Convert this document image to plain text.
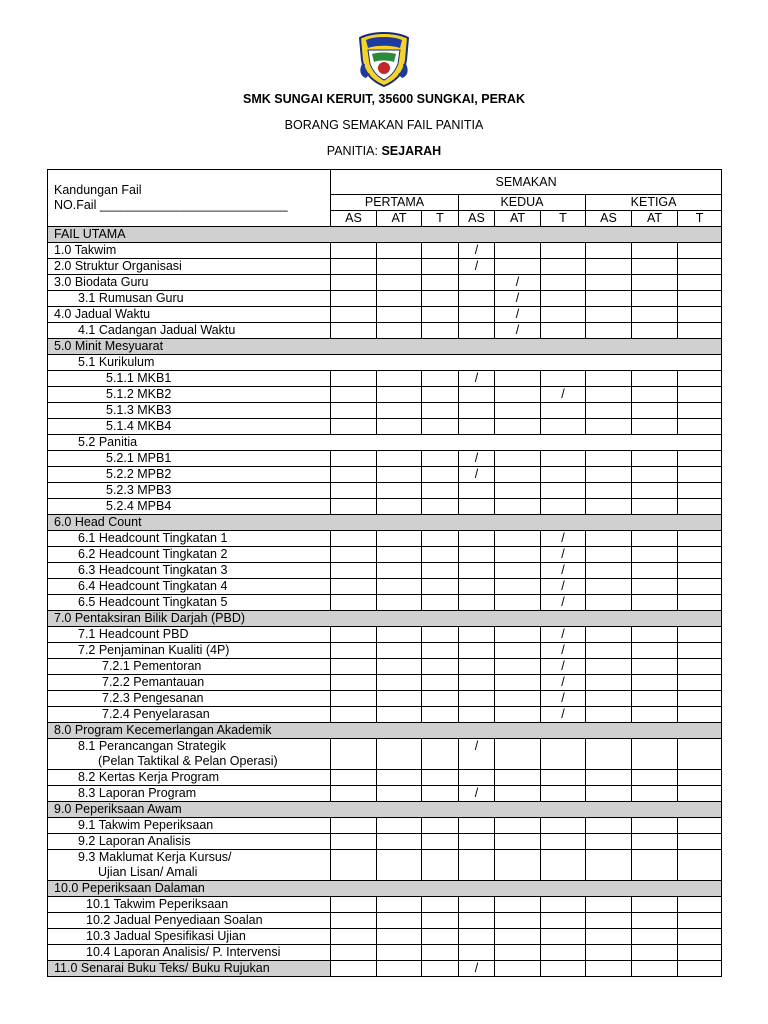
SMK SUNGAI KERUIT, 35600 SUNGKAI, PERAK
BORANG SEMAKAN FAIL PANITIA
PANITIA: SEJARAH
Kandungan Fail
NO.Fail ___________________________	SEMAKAN								
	PERTAMA			KEDUA			KETIGA		
	AS	AT	T	AS	AT	T	AS	AT	T

FAIL UTAMA									

1.0 Takwim				/					

2.0 Struktur Organisasi				/					

3.0 Biodata Guru					/				

3.1 Rumusan Guru					/				

4.0 Jadual Waktu					/				

4.1 Cadangan Jadual Waktu					/				

5.0 Minit Mesyuarat									

5.1 Kurikulum									

5.1.1 MKB1				/					

5.1.2 MKB2						/			

5.1.3 MKB3									

5.1.4 MKB4									

5.2 Panitia									

5.2.1 MPB1				/					

5.2.2 MPB2				/					

5.2.3 MPB3									

5.2.4 MPB4									

6.0 Head Count									

6.1 Headcount Tingkatan 1						/			

6.2 Headcount Tingkatan 2						/			

6.3 Headcount Tingkatan 3						/			

6.4 Headcount Tingkatan 4						/			

6.5 Headcount Tingkatan 5						/			

7.0 Pentaksiran Bilik Darjah (PBD)									

7.1 Headcount PBD						/			

7.2 Penjaminan Kualiti (4P)						/			

7.2.1 Pementoran						/			

7.2.2 Pemantauan						/			

7.2.3 Pengesanan						/			

7.2.4 Penyelarasan						/			

8.0 Program Kecemerlangan Akademik									

8.1 Perancangan Strategik
(Pelan Taktikal & Pelan Operasi)				/					

8.2 Kertas Kerja Program									

8.3 Laporan Program				/					

9.0 Peperiksaan Awam									

9.1 Takwim Peperiksaan									

9.2 Laporan Analisis									

9.3 Maklumat Kerja Kursus/
Ujian Lisan/ Amali									

10.0 Peperiksaan Dalaman									

10.1 Takwim Peperiksaan									

10.2 Jadual Penyediaan Soalan									

10.3 Jadual Spesifikasi Ujian									

10.4 Laporan Analisis/ P. Intervensi									

11.0 Senarai Buku Teks/ Buku Rujukan				/					
